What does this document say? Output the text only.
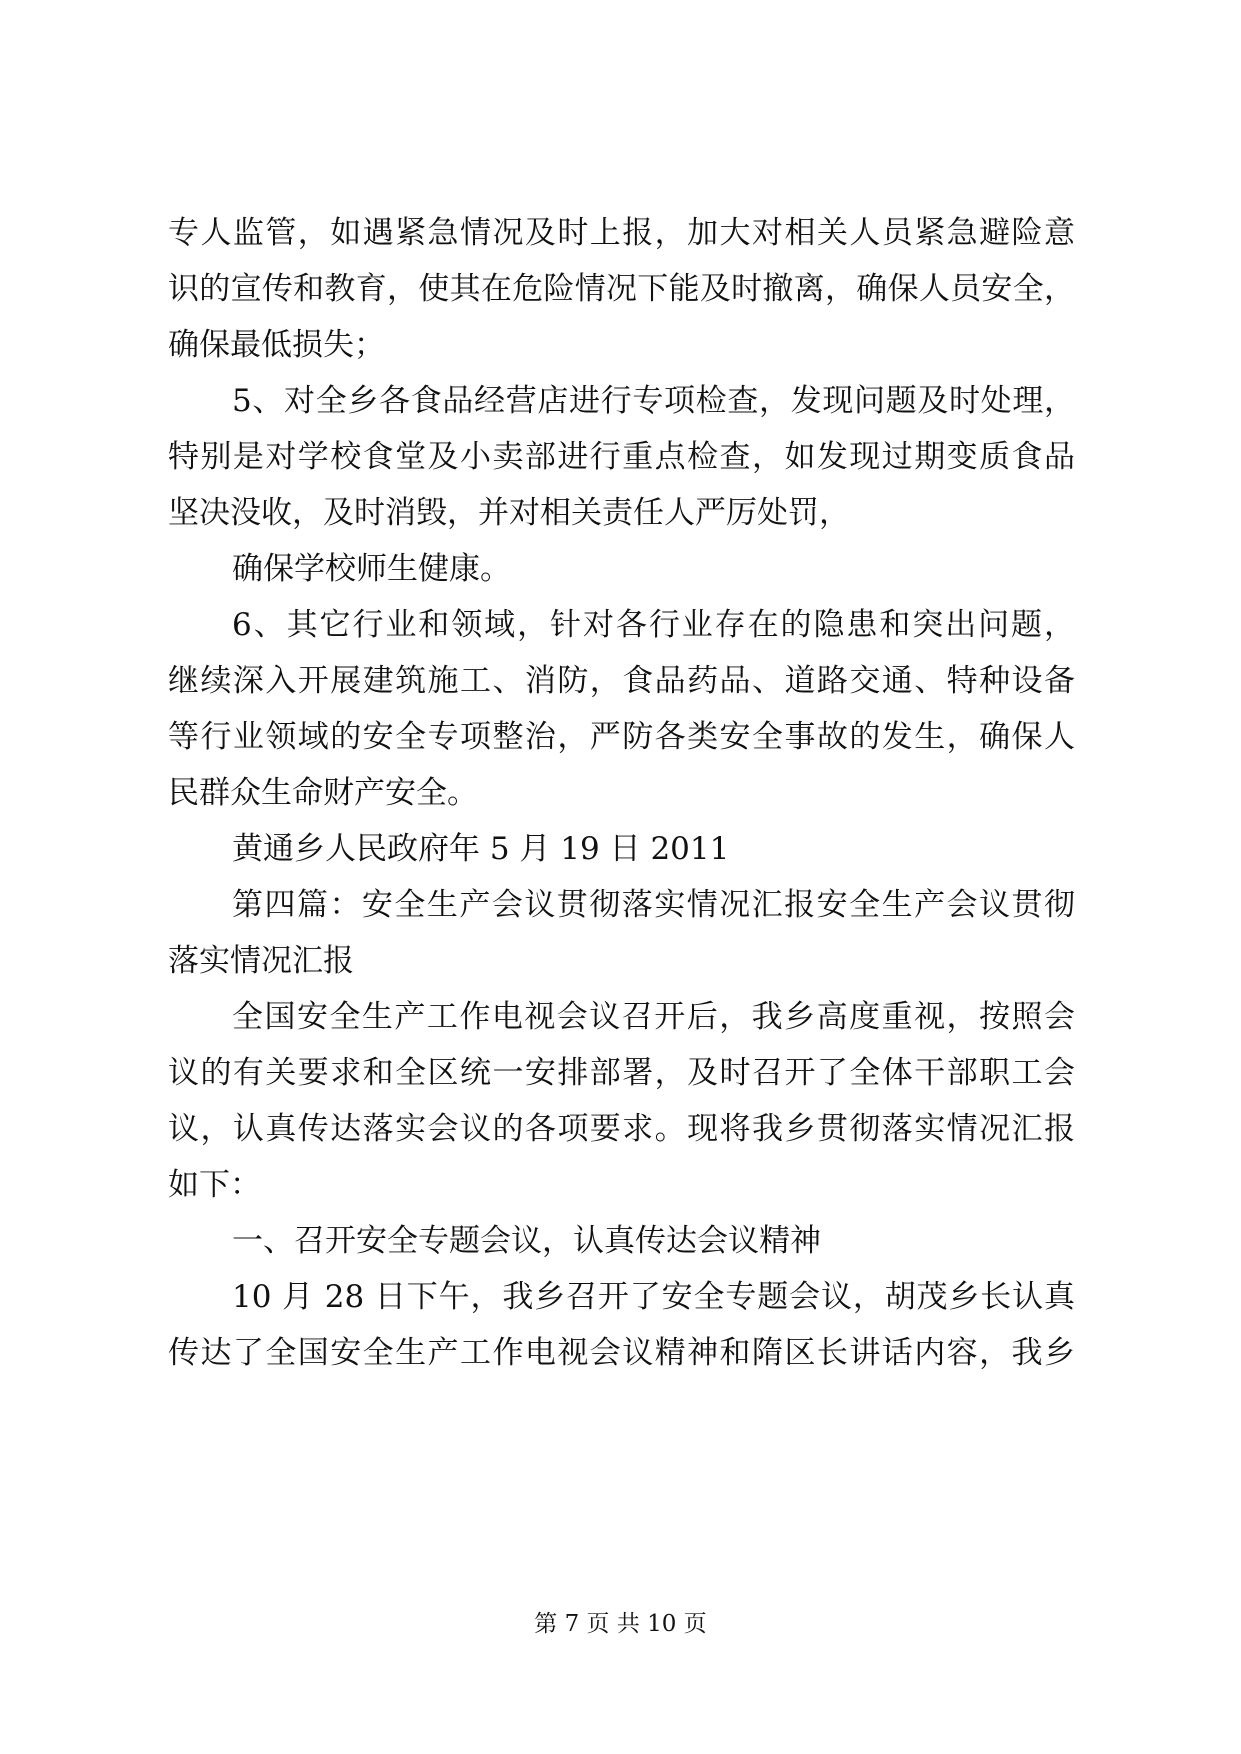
专人监管，如遇紧急情况及时上报，加大对相关人员紧急避险意
识的宣传和教育，使其在危险情况下能及时撤离，确保人员安全，
确保最低损失；
5、对全乡各食品经营店进行专项检查，发现问题及时处理，
特别是对学校食堂及小卖部进行重点检查，如发现过期变质食品
坚决没收，及时消毁，并对相关责任人严厉处罚，
确保学校师生健康。
6、其它行业和领域，针对各行业存在的隐患和突出问题，
继续深入开展建筑施工、消防，食品药品、道路交通、特种设备
等行业领域的安全专项整治，严防各类安全事故的发生，确保人
民群众生命财产安全。
黄通乡人民政府年 5 月 19 日 2011
第四篇：安全生产会议贯彻落实情况汇报安全生产会议贯彻
落实情况汇报
全国安全生产工作电视会议召开后，我乡高度重视，按照会
议的有关要求和全区统一安排部署，及时召开了全体干部职工会
议，认真传达落实会议的各项要求。现将我乡贯彻落实情况汇报
如下：
一、召开安全专题会议，认真传达会议精神
10 月 28 日下午，我乡召开了安全专题会议，胡茂乡长认真
传达了全国安全生产工作电视会议精神和隋区长讲话内容，我乡
第 7 页 共 10 页
